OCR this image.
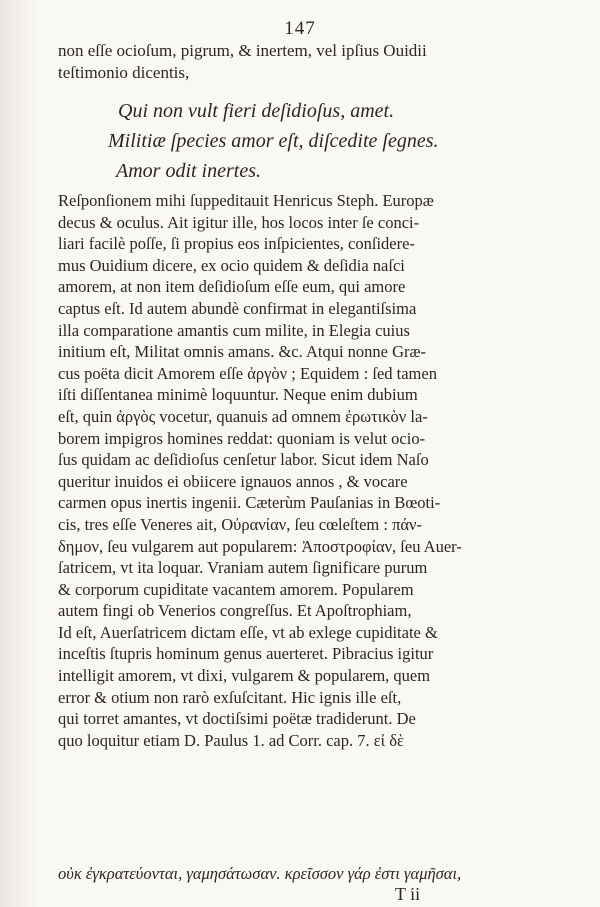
147
non eſſe ocioſum, pigrum, & inertem, vel ipſius Ouidii
teſtimonio dicentis,
Qui non vult fieri deſidioſus, amet.
Militiæ ſpecies amor eſt, diſcedite ſegnes.
Amor odit inertes.
Reſponſionem mihi ſuppeditauit Henricus Steph. Europæ
decus & oculus. Ait igitur ille, hos locos inter ſe conci-
liari facilè poſſe, ſi propius eos inſpicientes, conſidere-
mus Ouidium dicere, ex ocio quidem & deſidia naſci
amorem, at non item deſidioſum eſſe eum, qui amore
captus eſt. Id autem abundè confirmat in elegantiſsima
illa comparatione amantis cum milite, in Elegia cuius
initium eſt, Militat omnis amans. &c. Atqui nonne Græ-
cus poëta dicit Amorem eſſe ἀργὸν ; Equidem : ſed tamen
iſti diſſentanea minimè loquuntur. Neque enim dubium
eſt, quin ἀργὸς vocetur, quanuis ad omnem ἐρωτικὸν la-
borem impigros homines reddat: quoniam is velut ocio-
ſus quidam ac deſidioſus cenſetur labor. Sicut idem Naſo
queritur inuidos ei obiicere ignauos annos , & vocare
carmen opus inertis ingenii. Cæterùm Pauſanias in Bœoti-
cis, tres eſſe Veneres ait, Οὐρανίαν, ſeu cœleſtem : πάν-
δημον, ſeu vulgarem aut popularem: Ἀποστροφίαν, ſeu Auer-
ſatricem, vt ita loquar. Vraniam autem ſignificare purum
& corporum cupiditate vacantem amorem. Popularem
autem fingi ob Venerios congreſſus. Et Apoſtrophiam,
Id eſt, Auerſatricem dictam eſſe, vt ab exlege cupiditate &
inceſtis ſtupris hominum genus auerteret. Pibracius igitur
intelligit amorem, vt dixi, vulgarem & popularem, quem
error & otium non rarò exſuſcitant. Hic ignis ille eſt,
qui torret amantes, vt doctiſsimi poëtæ tradiderunt. De
quo loquitur etiam D. Paulus 1. ad Corr. cap. 7. εἰ δὲ
οὐκ ἐγκρατεύονται, γαμησάτωσαν. κρεῖσσον γάρ ἐστι γαμῆσαι,
T ii
